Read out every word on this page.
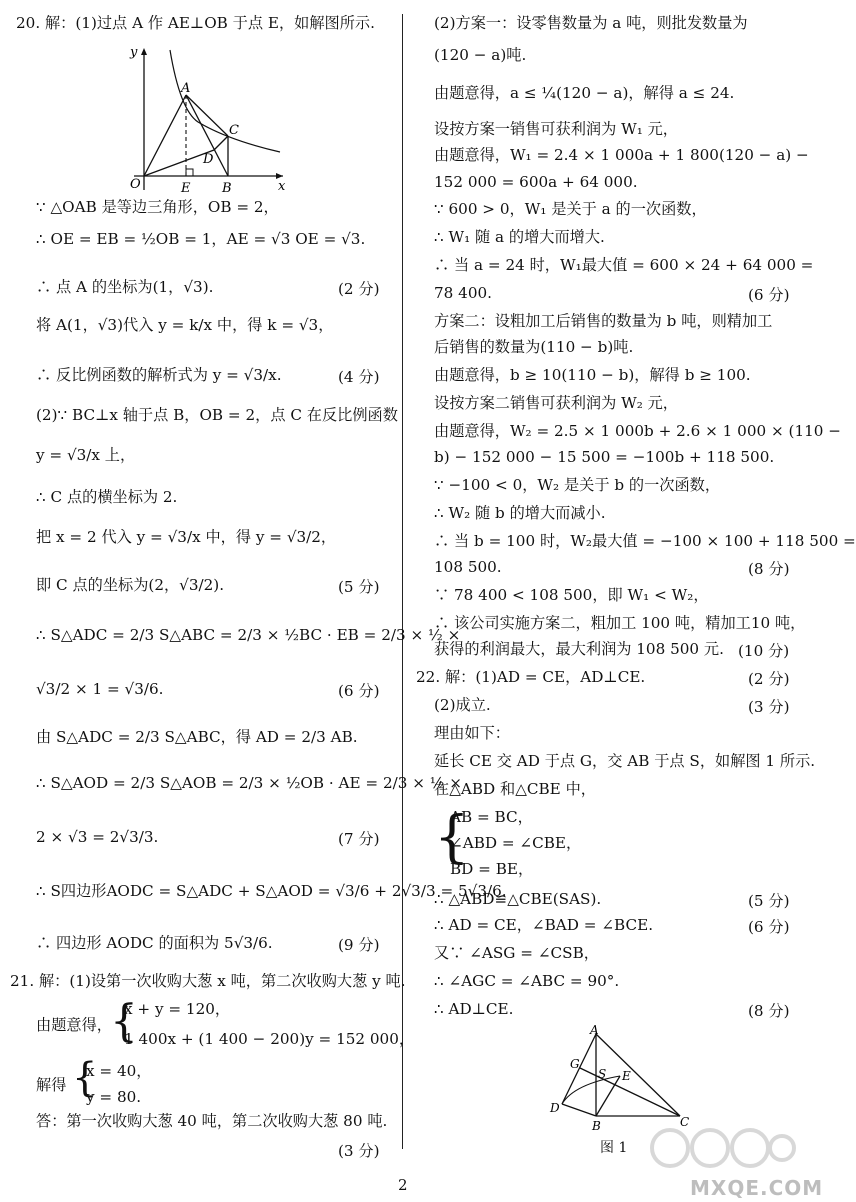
20. 解：(1)过点 A 作 AE⊥OB 于点 E，如解图所示.
y
x
O	E B
A
C
D
∵ △OAB 是等边三角形，OB = 2，
∴ OE = EB = ½OB = 1，AE = √3 OE = √3.
∴ 点 A 的坐标为(1，√3).	(2 分)
将 A(1，√3)代入 y = k/x 中，得 k = √3，
∴ 反比例函数的解析式为 y = √3/x.	(4 分)
(2)∵ BC⊥x 轴于点 B，OB = 2，点 C 在反比例函数
y = √3/x 上，
∴ C 点的横坐标为 2.
把 x = 2 代入 y = √3/x 中，得 y = √3/2，
即 C 点的坐标为(2，√3/2).	(5 分)
∴ S△ADC = 2/3 S△ABC = 2/3 × ½BC · EB = 2/3 × ½ ×
√3/2 × 1 = √3/6.	(6 分)
由 S△ADC = 2/3 S△ABC，得 AD = 2/3 AB.
∴ S△AOD = 2/3 S△AOB = 2/3 × ½OB · AE = 2/3 × ½ ×
2 × √3 = 2√3/3.	(7 分)
∴ S四边形AODC = S△ADC + S△AOD = √3/6 + 2√3/3 = 5√3/6.
∴ 四边形 AODC 的面积为 5√3/6.	(9 分)
21. 解：(1)设第一次收购大葱 x 吨，第二次收购大葱 y 吨.
x + y = 120，
由题意得，
{
1 400x + (1 400 − 200)y = 152 000，
x = 40，
解得 {
y = 80.
答：第一次收购大葱 40 吨，第二次收购大葱 80 吨.
(3 分)
(2)方案一：设零售数量为 a 吨，则批发数量为
(120 − a)吨.
由题意得，a ≤ ¼(120 − a)，解得 a ≤ 24.
设按方案一销售可获利润为 W₁ 元，
由题意得，W₁ = 2.4 × 1 000a + 1 800(120 − a) −
152 000 = 600a + 64 000.
∵ 600 > 0，W₁ 是关于 a 的一次函数，
∴ W₁ 随 a 的增大而增大.
∴ 当 a = 24 时，W₁最大值 = 600 × 24 + 64 000 =
78 400.	(6 分)
方案二：设粗加工后销售的数量为 b 吨，则精加工
后销售的数量为(110 − b)吨.
由题意得，b ≥ 10(110 − b)，解得 b ≥ 100.
设按方案二销售可获利润为 W₂ 元，
由题意得，W₂ = 2.5 × 1 000b + 2.6 × 1 000 × (110 −
b) − 152 000 − 15 500 = −100b + 118 500.
∵ −100 < 0，W₂ 是关于 b 的一次函数，
∴ W₂ 随 b 的增大而减小.
∴ 当 b = 100 时，W₂最大值 = −100 × 100 + 118 500 =
108 500.	(8 分)
∵ 78 400 < 108 500，即 W₁ < W₂，
∴ 该公司实施方案二，粗加工 100 吨，精加工10 吨，
获得的利润最大，最大利润为 108 500 元. (10 分)
22. 解：(1)AD = CE，AD⊥CE.	(2 分)
(2)成立.	(3 分)
理由如下：
延长 CE 交 AD 于点 G，交 AB 于点 S，如解图 1 所示.
在△ABD 和△CBE 中，
{
AB = BC，
∠ABD = ∠CBE，
BD = BE，
∴ △ABD≌△CBE(SAS).	(5 分)
∴ AD = CE，∠BAD = ∠BCE.	(6 分)
又∵ ∠ASG = ∠CSB，
∴ ∠AGC = ∠ABC = 90°.
∴ AD⊥CE.	(8 分)
A
G
S E
D
B	C
图 1
2	MXQE.COM
